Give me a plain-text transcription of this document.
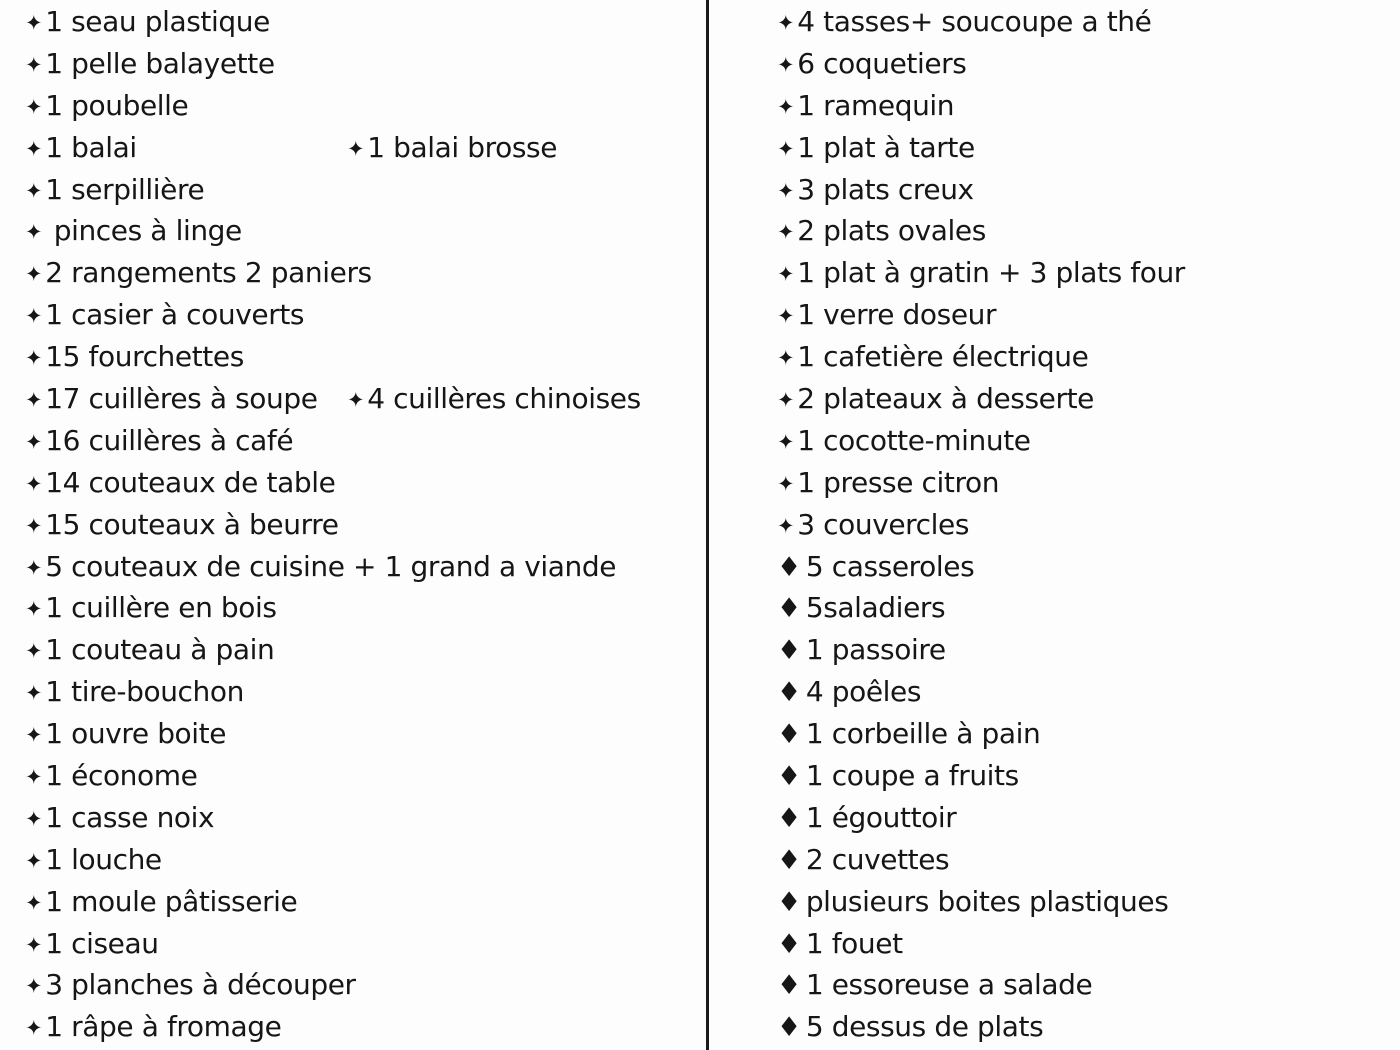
✦ 1 seau plastique
✦ 1 pelle balayette
✦ 1 poubelle
✦ 1 balai	✦ 1 balai brosse
✦ 1 serpillière
✦ pinces à linge
✦ 2 rangements 2 paniers
✦ 1 casier à couverts
✦ 15 fourchettes
✦ 17 cuillères à soupe ✦ 4 cuillères chinoises
✦ 16 cuillères à café
✦ 14 couteaux de table
✦ 15 couteaux à beurre
✦ 5 couteaux de cuisine + 1 grand a viande
✦ 1 cuillère en bois
✦ 1 couteau à pain
✦ 1 tire-bouchon
✦ 1 ouvre boite
✦ 1 économe
✦ 1 casse noix
✦ 1 louche
✦ 1 moule pâtisserie
✦ 1 ciseau
✦ 3 planches à découper
✦ 1 râpe à fromage
✦ 4 tasses+ soucoupe a thé
✦ 6 coquetiers
✦ 1 ramequin
✦ 1 plat à tarte
✦ 3 plats creux
✦ 2 plats ovales
✦ 1 plat à gratin + 3 plats four
✦ 1 verre doseur
✦ 1 cafetière électrique
✦ 2 plateaux à desserte
✦ 1 cocotte-minute
✦ 1 presse citron
✦ 3 couvercles
♦ 5 casseroles
♦ 5saladiers
♦ 1 passoire
♦ 4 poêles
♦ 1 corbeille à pain
♦ 1 coupe a fruits
♦ 1 égouttoir
♦ 2 cuvettes
♦ plusieurs boites plastiques
♦ 1 fouet
♦ 1 essoreuse a salade
♦ 5 dessus de plats
